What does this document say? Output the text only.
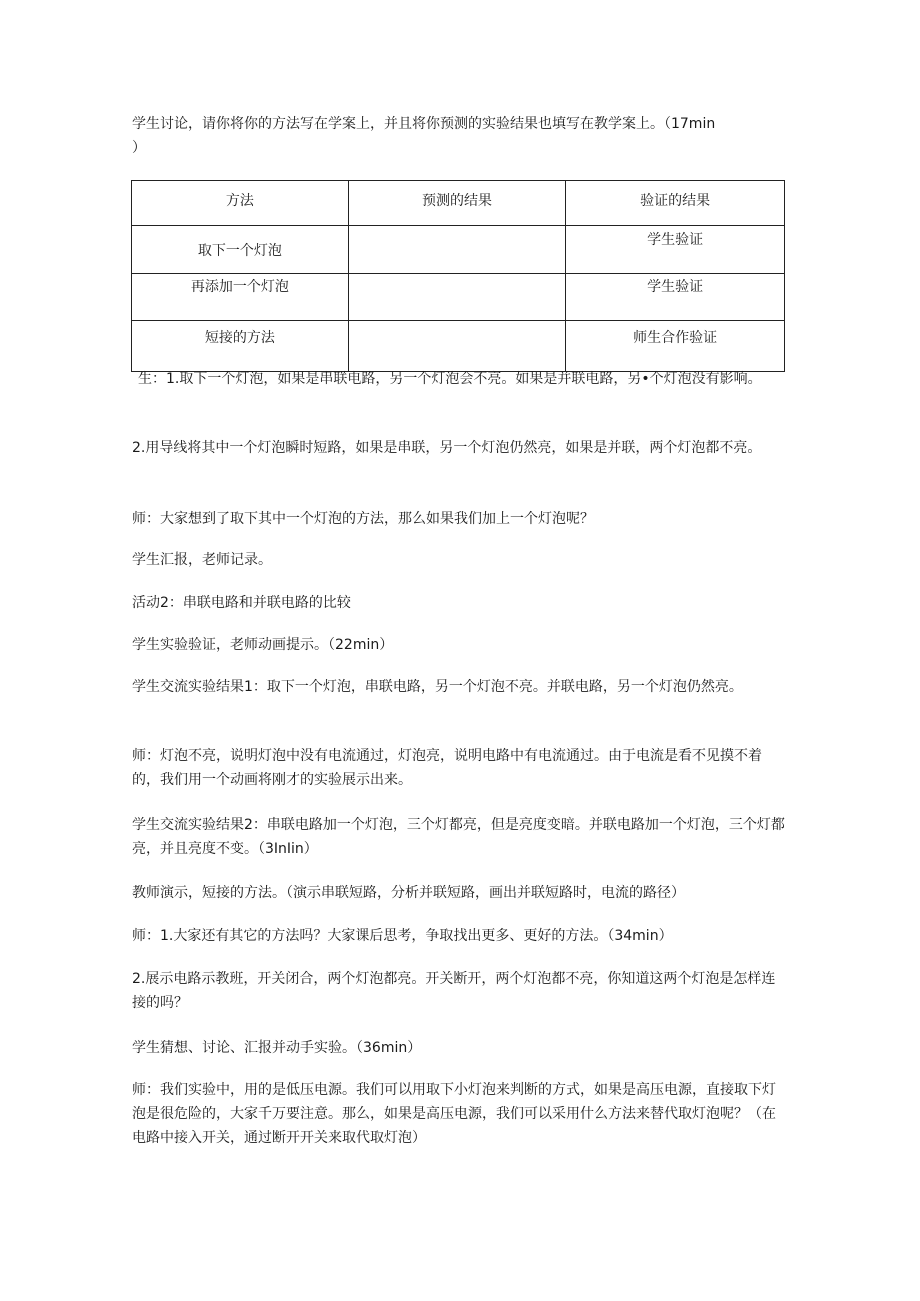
学生讨论，请你将你的方法写在学案上，并且将你预测的实验结果也填写在教学案上。（17min
）

方法	预测的结果	验证的结果
取下一个灯泡		学生验证
再添加一个灯泡		学生验证
短接的方法		师生合作验证

生：1.取下一个灯泡，如果是串联电路，另一个灯泡会不亮。如果是并联电路，另•个灯泡没有影响。

2.用导线将其中一个灯泡瞬时短路，如果是串联，另一个灯泡仍然亮，如果是并联，两个灯泡都不亮。

师：大家想到了取下其中一个灯泡的方法，那么如果我们加上一个灯泡呢？

学生汇报，老师记录。

活动2：串联电路和并联电路的比较

学生实验验证，老师动画提示。（22min）

学生交流实验结果1：取下一个灯泡，串联电路，另一个灯泡不亮。并联电路，另一个灯泡仍然亮。

师：灯泡不亮，说明灯泡中没有电流通过，灯泡亮，说明电路中有电流通过。由于电流是看不见摸不着的，我们用一个动画将刚才的实验展示出来。

学生交流实验结果2：串联电路加一个灯泡，三个灯都亮，但是亮度变暗。并联电路加一个灯泡，三个灯都亮，并且亮度不变。（3InIin）

教师演示，短接的方法。（演示串联短路，分析并联短路，画出并联短路时，电流的路径）

师：1.大家还有其它的方法吗？大家课后思考，争取找出更多、更好的方法。（34min）

2.展示电路示教班，开关闭合，两个灯泡都亮。开关断开，两个灯泡都不亮，你知道这两个灯泡是怎样连接的吗？

学生猜想、讨论、汇报并动手实验。（36min）

师：我们实验中，用的是低压电源。我们可以用取下小灯泡来判断的方式，如果是高压电源，直接取下灯泡是很危险的，大家千万要注意。那么，如果是高压电源，我们可以采用什么方法来替代取灯泡呢？（在电路中接入开关，通过断开开关来取代取灯泡）
